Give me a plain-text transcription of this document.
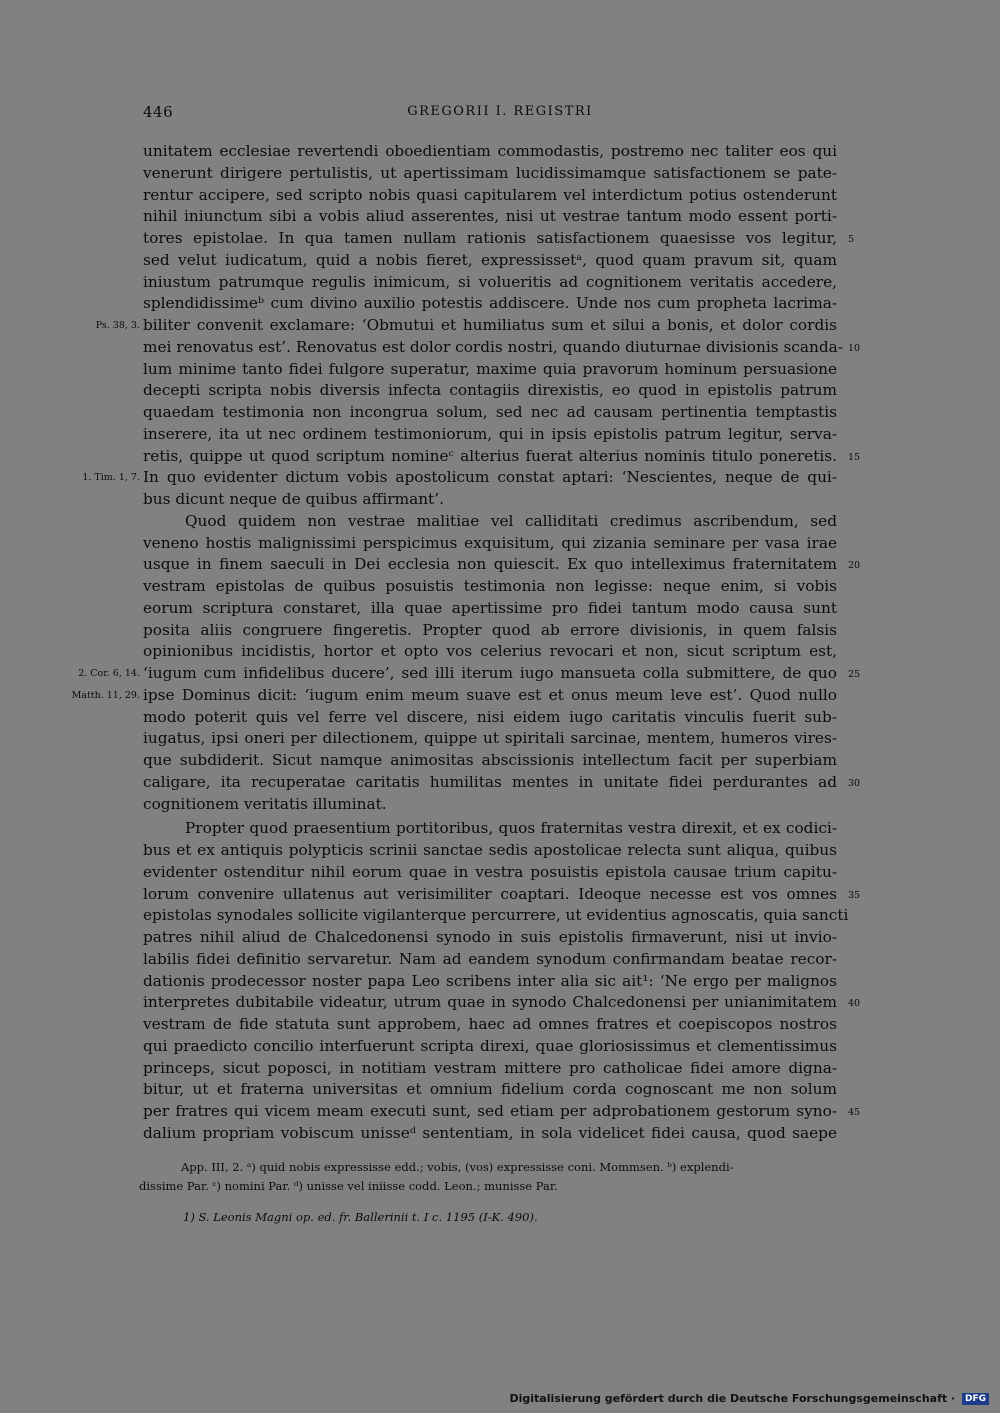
446	GREGORII I. REGISTRI
unitatem ecclesiae revertendi oboedientiam commodastis, postremo nec taliter eos qui
venerunt dirigere pertulistis, ut apertissimam lucidissimamque satisfactionem se pate-
rentur accipere, sed scripto nobis quasi capitularem vel interdictum potius ostenderunt
nihil iniunctum sibi a vobis aliud asserentes, nisi ut vestrae tantum modo essent porti-
tores epistolae. In qua tamen nullam rationis satisfactionem quaesisse vos legitur, 5
sed velut iudicatum, quid a nobis fieret, expressissetᵃ, quod quam pravum sit, quam
iniustum patrumque regulis inimicum, si volueritis ad cognitionem veritatis accedere,
splendidissimeᵇ cum divino auxilio potestis addiscere. Unde nos cum propheta lacrima-
biliter convenit exclamare: ‘Obmutui et humiliatus sum et silui a bonis, et dolor cordis
Ps. 38, 3.
mei renovatus est’. Renovatus est dolor cordis nostri, quando diuturnae divisionis scanda- 10
lum minime tanto fidei fulgore superatur, maxime quia pravorum hominum persuasione
decepti scripta nobis diversis infecta contagiis direxistis, eo quod in epistolis patrum
quaedam testimonia non incongrua solum, sed nec ad causam pertinentia temptastis
inserere, ita ut nec ordinem testimoniorum, qui in ipsis epistolis patrum legitur, serva-
retis, quippe ut quod scriptum nomineᶜ alterius fuerat alterius nominis titulo poneretis. 15
In quo evidenter dictum vobis apostolicum constat aptari: ‘Nescientes, neque de qui-
1. Tim. 1, 7.
bus dicunt neque de quibus affirmant’.
Quod quidem non vestrae malitiae vel calliditati credimus ascribendum, sed
veneno hostis malignissimi perspicimus exquisitum, qui zizania seminare per vasa irae
usque in finem saeculi in Dei ecclesia non quiescit. Ex quo intelleximus fraternitatem 20
vestram epistolas de quibus posuistis testimonia non legisse: neque enim, si vobis
eorum scriptura constaret, illa quae apertissime pro fidei tantum modo causa sunt
posita aliis congruere fingeretis. Propter quod ab errore divisionis, in quem falsis
opinionibus incidistis, hortor et opto vos celerius revocari et non, sicut scriptum est,
‘iugum cum infidelibus ducere’, sed illi iterum iugo mansueta colla submittere, de quo
2. Cor. 6, 14.	25
ipse Dominus dicit: ‘iugum enim meum suave est et onus meum leve est’. Quod nullo
Matth. 11, 29.
modo poterit quis vel ferre vel discere, nisi eidem iugo caritatis vinculis fuerit sub-
iugatus, ipsi oneri per dilectionem, quippe ut spiritali sarcinae, mentem, humeros vires-
que subdiderit. Sicut namque animositas abscissionis intellectum facit per superbiam
caligare, ita recuperatae caritatis humilitas mentes in unitate fidei perdurantes ad 30
cognitionem veritatis illuminat.
Propter quod praesentium portitoribus, quos fraternitas vestra direxit, et ex codici-
bus et ex antiquis polypticis scrinii sanctae sedis apostolicae relecta sunt aliqua, quibus
evidenter ostenditur nihil eorum quae in vestra posuistis epistola causae trium capitu-
lorum convenire ullatenus aut verisimiliter coaptari. Ideoque necesse est vos omnes 35
epistolas synodales sollicite vigilanterque percurrere, ut evidentius agnoscatis, quia sancti
patres nihil aliud de Chalcedonensi synodo in suis epistolis firmaverunt, nisi ut invio-
labilis fidei definitio servaretur. Nam ad eandem synodum confirmandam beatae recor-
dationis prodecessor noster papa Leo scribens inter alia sic ait¹: ‘Ne ergo per malignos
interpretes dubitabile videatur, utrum quae in synodo Chalcedonensi per unianimitatem 40
vestram de fide statuta sunt approbem, haec ad omnes fratres et coepiscopos nostros
qui praedicto concilio interfuerunt scripta direxi, quae gloriosissimus et clementissimus
princeps, sicut poposci, in notitiam vestram mittere pro catholicae fidei amore digna-
bitur, ut et fraterna universitas et omnium fidelium corda cognoscant me non solum
per fratres qui vicem meam executi sunt, sed etiam per adprobationem gestorum syno- 45
dalium propriam vobiscum unisseᵈ sententiam, in sola videlicet fidei causa, quod saepe
App. III, 2. ᵃ) quid nobis expressisse edd.; vobis, (vos) expressisse coni. Mommsen. ᵇ) explendi-
dissime Par. ᶜ) nomini Par. ᵈ) unisse vel iniisse codd. Leon.; munisse Par.
1) S. Leonis Magni op. ed. fr. Ballerinii t. I c. 1195 (I-K. 490).
Digitalisierung gefördert durch die Deutsche Forschungsgemeinschaft · DFG
